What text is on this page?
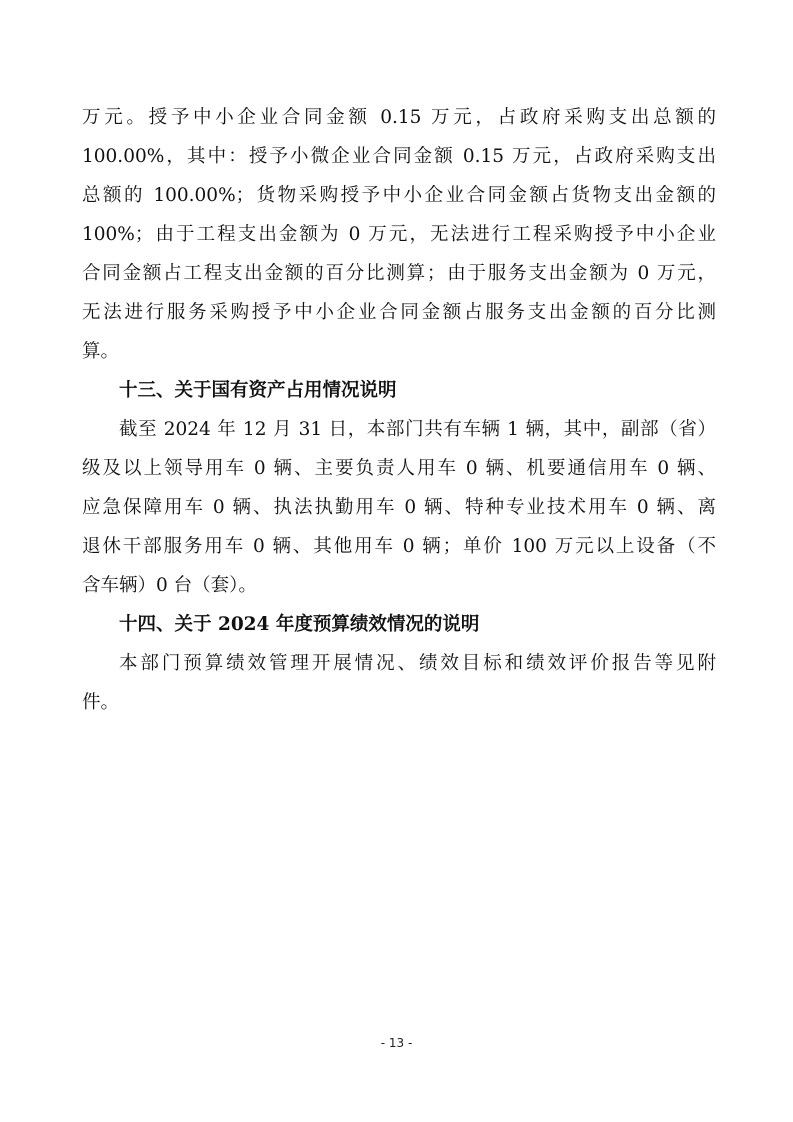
万元。授予中小企业合同金额 0.15 万元，占政府采购支出总额的
100.00%，其中：授予小微企业合同金额 0.15 万元，占政府采购支出
总额的 100.00%；货物采购授予中小企业合同金额占货物支出金额的
100%；由于工程支出金额为 0 万元，无法进行工程采购授予中小企业
合同金额占工程支出金额的百分比测算；由于服务支出金额为 0 万元，
无法进行服务采购授予中小企业合同金额占服务支出金额的百分比测
算。
十三、关于国有资产占用情况说明
截至 2024 年 12 月 31 日，本部门共有车辆 1 辆，其中，副部（省）
级及以上领导用车 0 辆、主要负责人用车 0 辆、机要通信用车 0 辆、
应急保障用车 0 辆、执法执勤用车 0 辆、特种专业技术用车 0 辆、离
退休干部服务用车 0 辆、其他用车 0 辆；单价 100 万元以上设备（不
含车辆）0 台（套）。
十四、关于 2024 年度预算绩效情况的说明
本部门预算绩效管理开展情况、绩效目标和绩效评价报告等见附
件。
- 13 -
